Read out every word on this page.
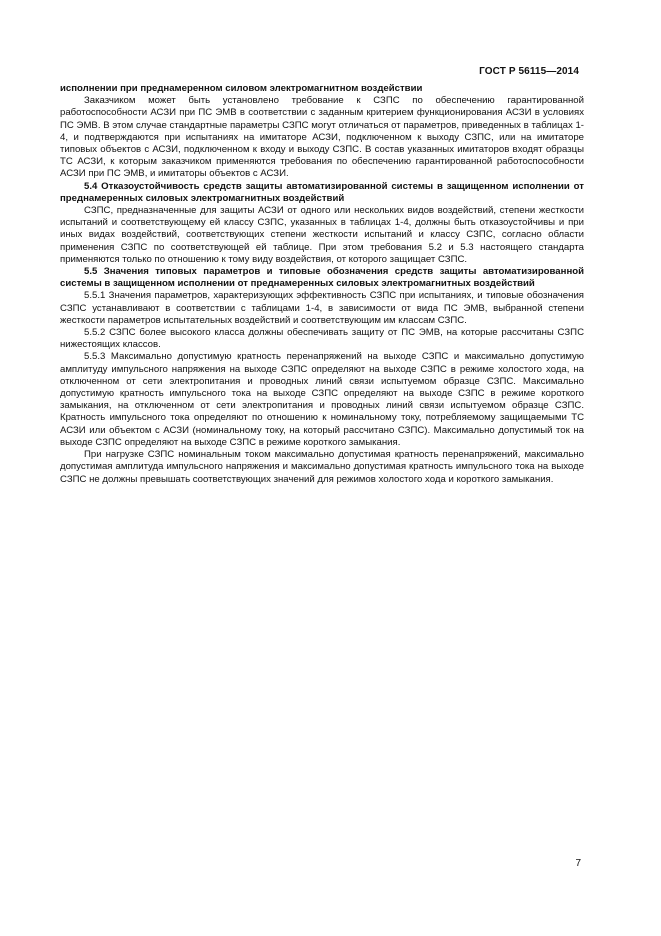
ГОСТ Р 56115—2014

исполнении при преднамеренном силовом электромагнитном воздействии

Заказчиком может быть установлено требование к СЗПС по обеспечению гарантированной работоспособности АСЗИ при ПС ЭМВ в соответствии с заданным критерием функционирования АСЗИ в условиях ПС ЭМВ. В этом случае стандартные параметры СЗПС могут отличаться от параметров, приведенных в таблицах 1-4, и подтверждаются при испытаниях на имитаторе АСЗИ, подключенном к выходу СЗПС, или на имитаторе типовых объектов с АСЗИ, подключенном к входу и выходу СЗПС. В состав указанных имитаторов входят образцы ТС АСЗИ, к которым заказчиком применяются требования по обеспечению гарантированной работоспособности АСЗИ при ПС ЭМВ, и имитаторы объектов с АСЗИ.

5.4 Отказоустойчивость средств защиты автоматизированной системы в защищенном исполнении от преднамеренных силовых электромагнитных воздействий

СЗПС, предназначенные для защиты АСЗИ от одного или нескольких видов воздействий, степени жесткости испытаний и соответствующему ей классу СЗПС, указанных в таблицах 1-4, должны быть отказоустойчивы и при иных видах воздействий, соответствующих степени жесткости испытаний и классу СЗПС, согласно области применения СЗПС по соответствующей ей таблице. При этом требования 5.2 и 5.3 настоящего стандарта применяются только по отношению к тому виду воздействия, от которого защищает СЗПС.

5.5 Значения типовых параметров и типовые обозначения средств защиты автоматизированной системы в защищенном исполнении от преднамеренных силовых электромагнитных воздействий

5.5.1 Значения параметров, характеризующих эффективность СЗПС при испытаниях, и типовые обозначения СЗПС устанавливают в соответствии с таблицами 1-4, в зависимости от вида ПС ЭМВ, выбранной степени жесткости параметров испытательных воздействий и соответствующим им классам СЗПС.

5.5.2 СЗПС более высокого класса должны обеспечивать защиту от ПС ЭМВ, на которые рассчитаны СЗПС нижестоящих классов.

5.5.3 Максимально допустимую кратность перенапряжений на выходе СЗПС и максимально допустимую амплитуду импульсного напряжения на выходе СЗПС определяют на выходе СЗПС в режиме холостого хода, на отключенном от сети электропитания и проводных линий связи испытуемом образце СЗПС. Максимально допустимую кратность импульсного тока на выходе СЗПС определяют на выходе СЗПС в режиме короткого замыкания, на отключенном от сети электропитания и проводных линий связи испытуемом образце СЗПС. Кратность импульсного тока определяют по отношению к номинальному току, потребляемому защищаемыми ТС АСЗИ или объектом с АСЗИ (номинальному току, на который рассчитано СЗПС). Максимально допустимый ток на выходе СЗПС определяют на выходе СЗПС в режиме короткого замыкания.

При нагрузке СЗПС номинальным током максимально допустимая кратность перенапряжений, максимально допустимая амплитуда импульсного напряжения и максимально допустимая кратность импульсного тока на выходе СЗПС не должны превышать соответствующих значений для режимов холостого хода и короткого замыкания.

7
